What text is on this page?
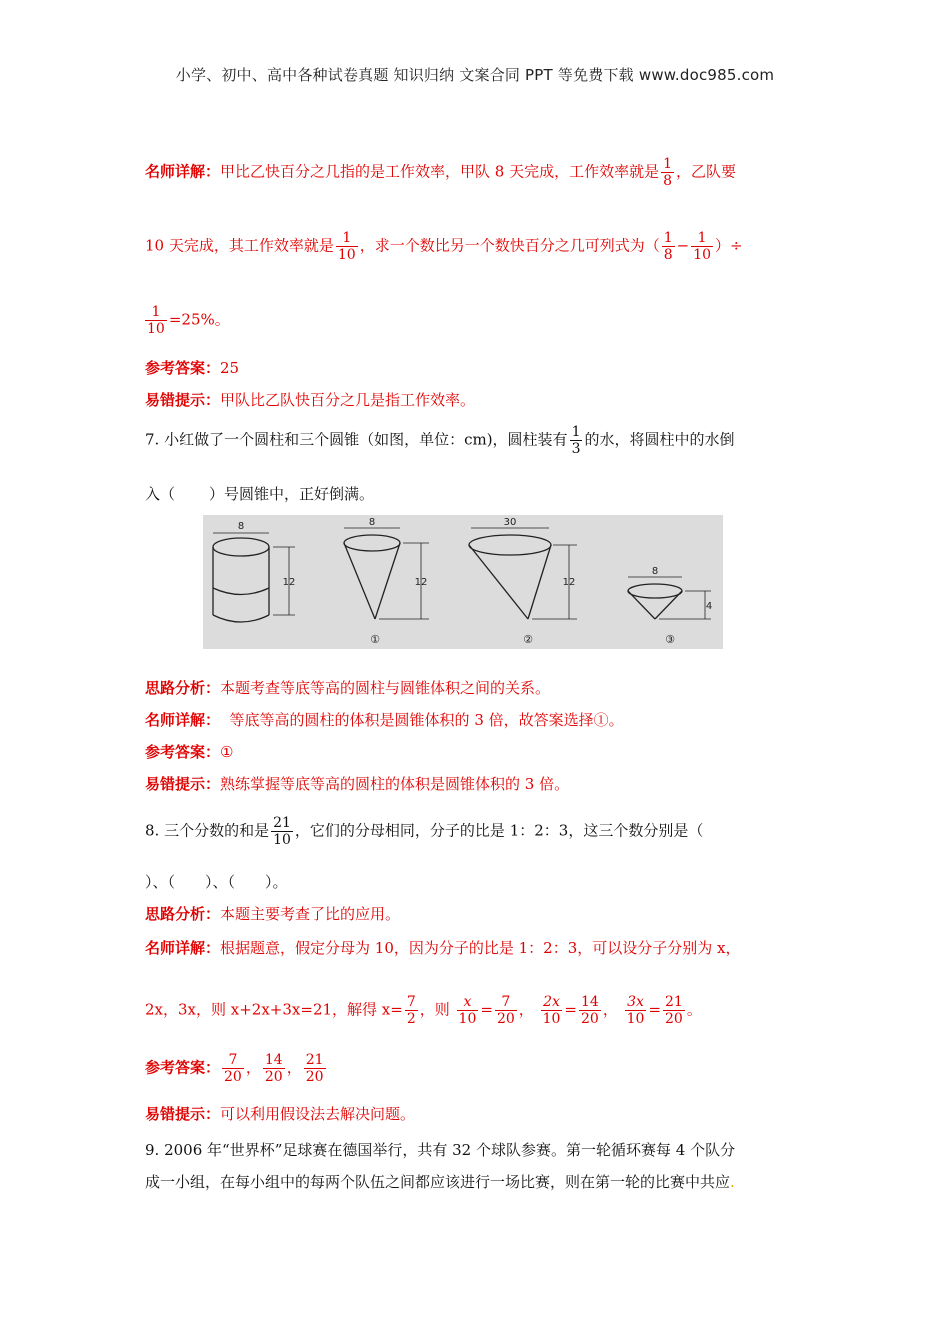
小学、初中、高中各种试卷真题 知识归纳 文案合同 PPT 等免费下载 www.doc985.com
名师详解：甲比乙快百分之几指的是工作效率，甲队 8 天完成，工作效率就是 $\frac{1}{8}$ ，乙队要
10 天完成，其工作效率就是 $\frac{1}{10}$ ，求一个数比另一个数快百分之几可列式为（ $\frac{1}{8} - \frac{1}{10}$ ）÷
$\frac{1}{10} =25\%$。
参考答案：25
易错提示：甲队比乙队快百分之几是指工作效率。
7. 小红做了一个圆柱和三个圆锥（如图，单位：cm)，圆柱装有 $\frac{1}{3}$ 的水，将圆柱中的水倒
入（ ）号圆锥中，正好倒满。
8
12
8
12
①
30
12
②
8
4
③
思路分析：本题考查等底等高的圆柱与圆锥体积之间的关系。
名师详解：  等底等高的圆柱的体积是圆锥体积的 3 倍，故答案选择①。
参考答案：①
易错提示：熟练掌握等底等高的圆柱的体积是圆锥体积的 3 倍。
8. 三个分数的和是 $\frac{21}{10}$ ，它们的分母相同，分子的比是 1：2：3，这三个数分别是（
）、（　　）、（　　）。
思路分析：本题主要考查了比的应用。
名师详解：根据题意，假定分母为 10，因为分子的比是 1：2：3，可以设分子分别为 x，
2x，3x，则 x+2x+3x=21，解得 $x= \frac{7}{2}$ ，则 $\frac{x}{10} = \frac{7}{20}$ ， $\frac{2x}{10} = \frac{14}{20}$ ， $\frac{3x}{10} = \frac{21}{20}$ 。
参考答案： $\frac{7}{20}$ ， $\frac{14}{20}$ ， $\frac{21}{20}$
易错提示：可以利用假设法去解决问题。
9. 2006 年“世界杯”足球赛在德国举行，共有 32 个球队参赛。第一轮循环赛每 4 个队分
成一小组，在每小组中的每两个队伍之间都应该进行一场比赛，则在第一轮的比赛中共应.
